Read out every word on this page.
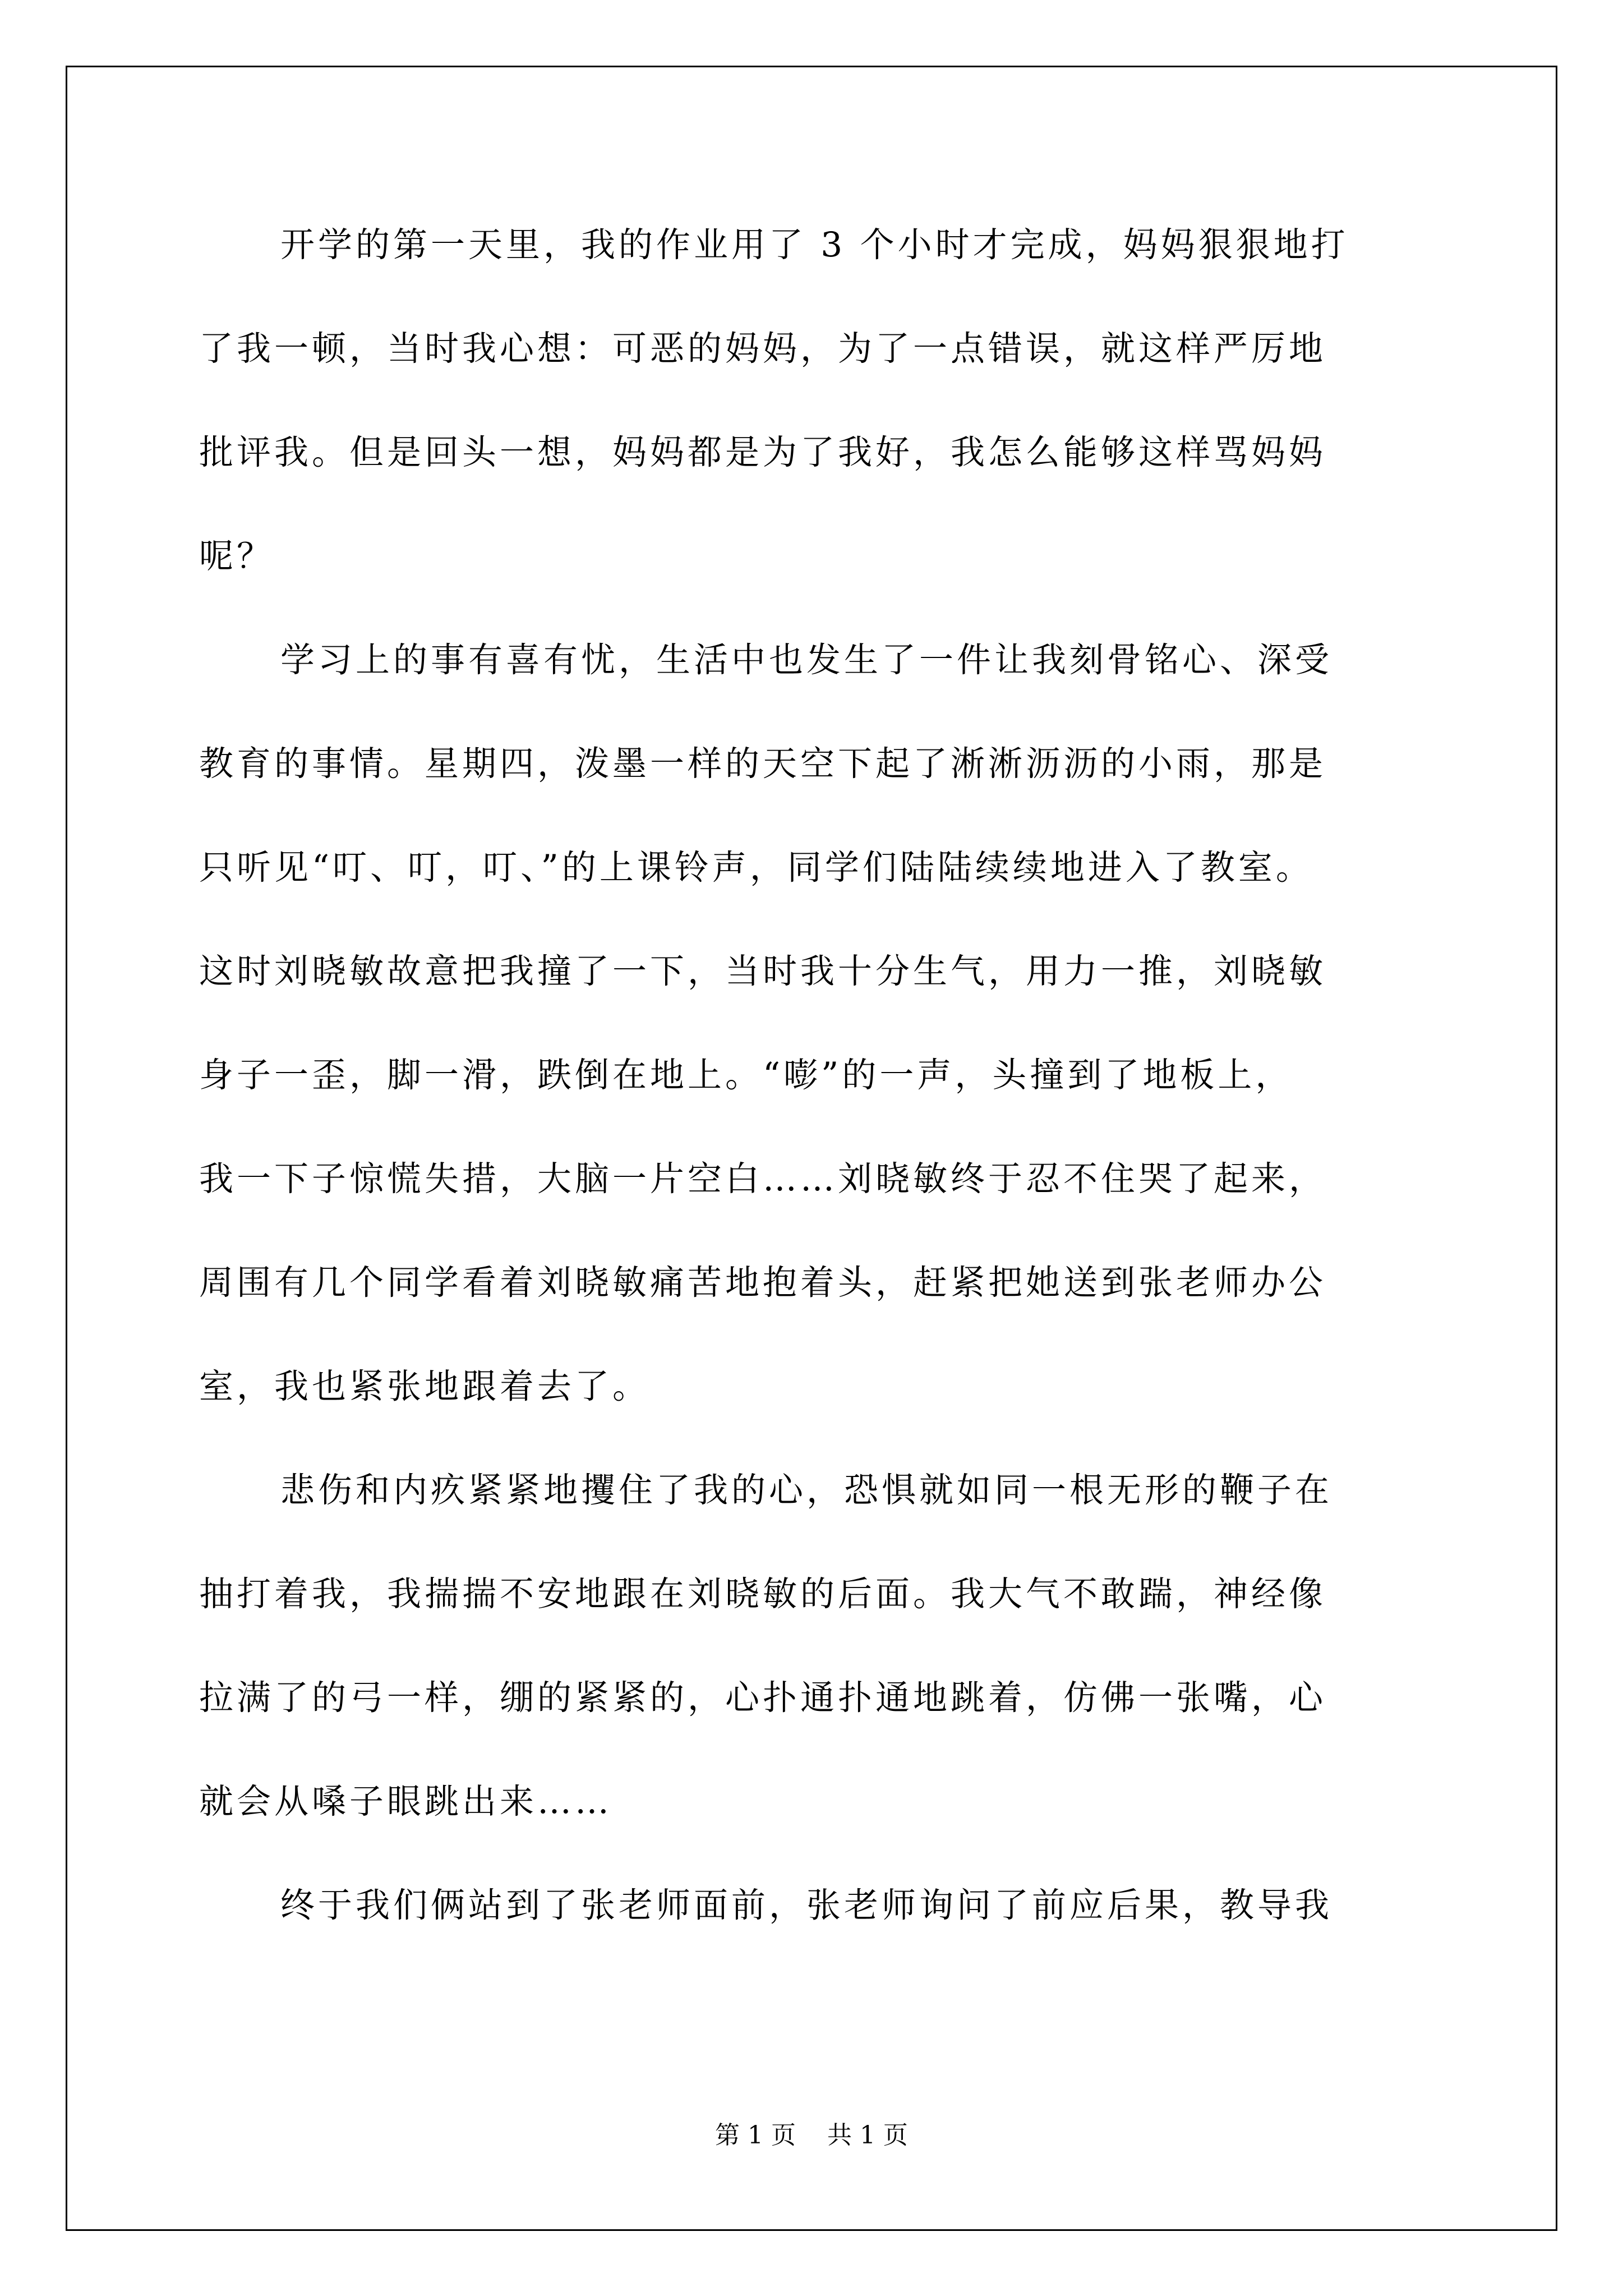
开学的第一天里，我的作业用了 3 个小时才完成，妈妈狠狠地打
了我一顿，当时我心想：可恶的妈妈，为了一点错误，就这样严厉地
批评我。但是回头一想，妈妈都是为了我好，我怎么能够这样骂妈妈
呢？
学习上的事有喜有忧，生活中也发生了一件让我刻骨铭心、深受
教育的事情。星期四，泼墨一样的天空下起了淅淅沥沥的小雨，那是
只听见“叮、叮，叮、”的上课铃声，同学们陆陆续续地进入了教室。
这时刘晓敏故意把我撞了一下，当时我十分生气，用力一推，刘晓敏
身子一歪，脚一滑，跌倒在地上。“嘭”的一声，头撞到了地板上，
我一下子惊慌失措，大脑一片空白……刘晓敏终于忍不住哭了起来，
周围有几个同学看着刘晓敏痛苦地抱着头，赶紧把她送到张老师办公
室，我也紧张地跟着去了。
悲伤和内疚紧紧地攫住了我的心，恐惧就如同一根无形的鞭子在
抽打着我，我揣揣不安地跟在刘晓敏的后面。我大气不敢踹，神经像
拉满了的弓一样，绷的紧紧的，心扑通扑通地跳着，仿佛一张嘴，心
就会从嗓子眼跳出来……
终于我们俩站到了张老师面前，张老师询问了前应后果，教导我
第 1 页    共 1 页
